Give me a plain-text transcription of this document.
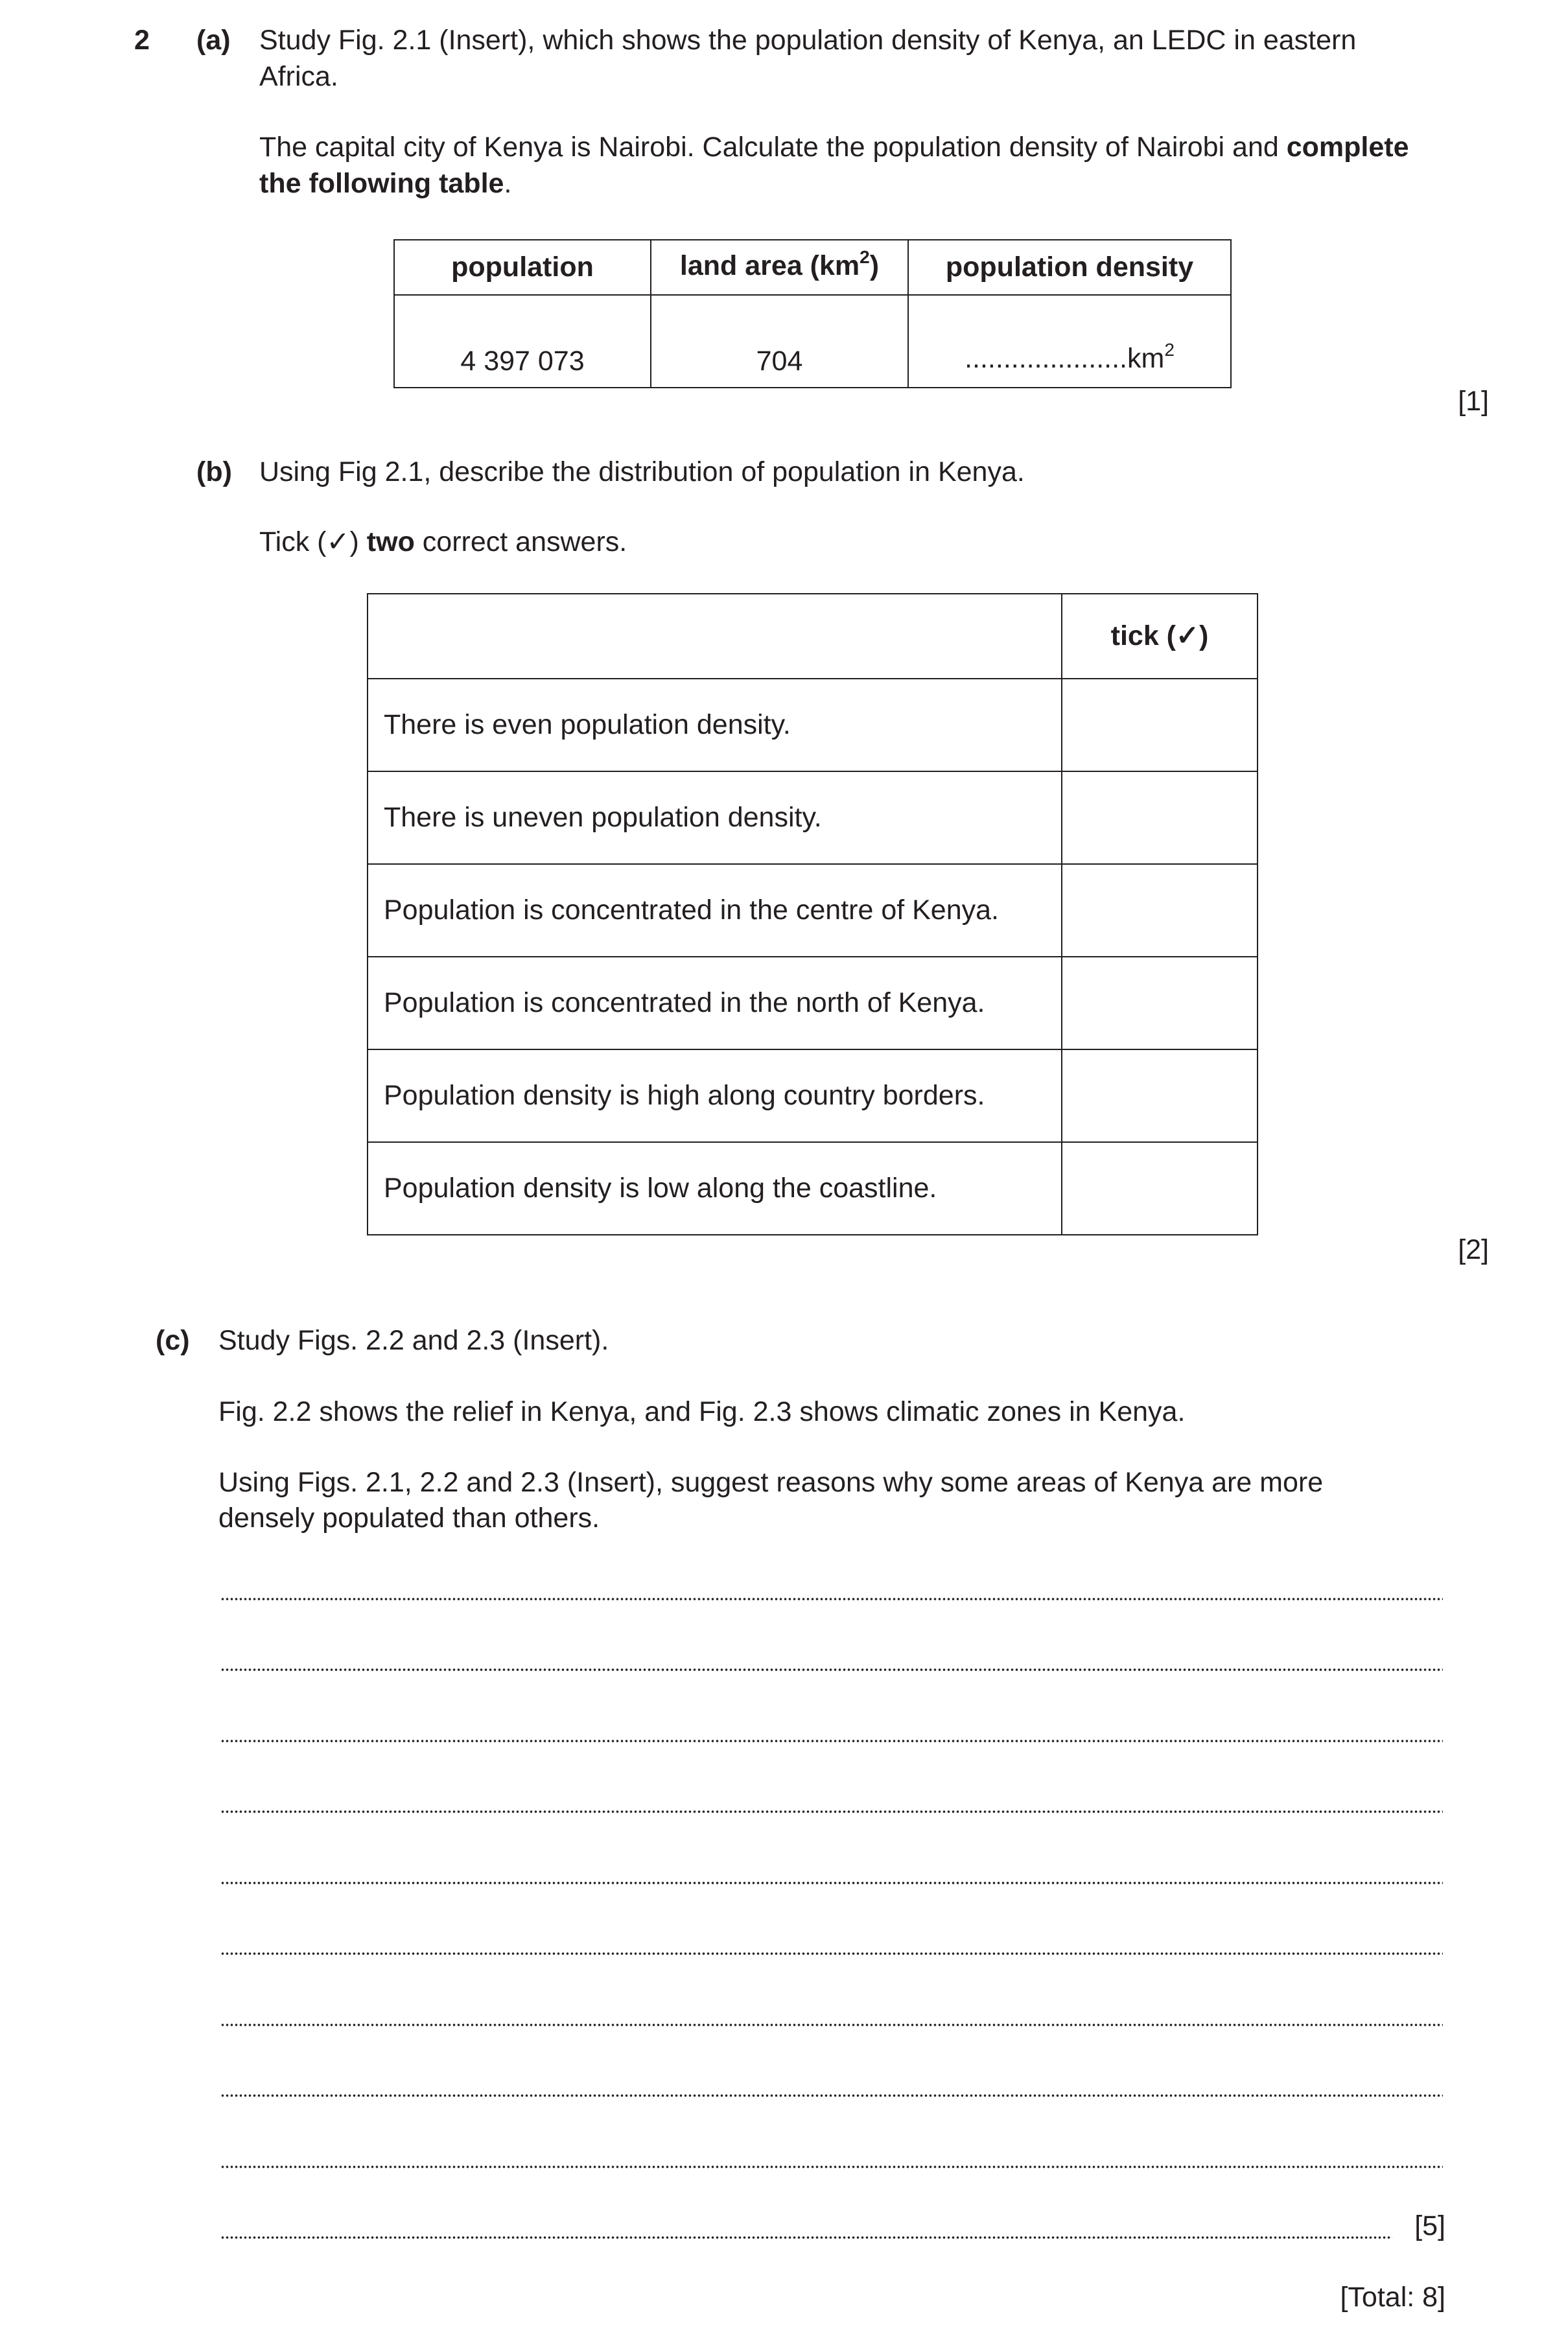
2 (a) Study Fig. 2.1 (Insert), which shows the population density of Kenya, an LEDC in eastern
Africa.
The capital city of Kenya is Nairobi. Calculate the population density of Nairobi and complete
the following table.
population	land area $(km^2)$	population density
4 397 073	704	$.....................km^2$
[1]
(b) Using Fig 2.1, describe the distribution of population in Kenya.
Tick (✓) two correct answers.
	tick (✓)
There is even population density.	
There is uneven population density.	
Population is concentrated in the centre of Kenya.	
Population is concentrated in the north of Kenya.	
Population density is high along country borders.	
Population density is low along the coastline.	
[2]
(c) Study Figs. 2.2 and 2.3 (Insert).
Fig. 2.2 shows the relief in Kenya, and Fig. 2.3 shows climatic zones in Kenya.
Using Figs. 2.1, 2.2 and 2.3 (Insert), suggest reasons why some areas of Kenya are more
densely populated than others.
[5]
[Total: 8]
